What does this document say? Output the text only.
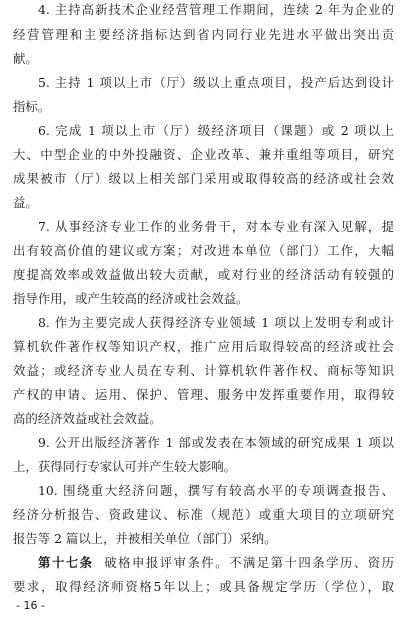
4. 主持高新技术企业经营管理工作期间，连续 2 年为企业的
经营管理和主要经济指标达到省内同行业先进水平做出突出贡
献。
5. 主持 1 项以上市（厅）级以上重点项目，投产后达到设计
指标。
6. 完成 1 项以上市（厅）级经济项目（课题）或 2 项以上
大、中型企业的中外投融资、企业改革、兼并重组等项目，研究
成果被市（厅）级以上相关部门采用或取得较高的经济或社会效
益。
7. 从事经济专业工作的业务骨干，对本专业有深入见解，提
出有较高价值的建议或方案；对改进本单位（部门）工作，大幅
度提高效率或效益做出较大贡献，或对行业的经济活动有较强的
指导作用，或产生较高的经济或社会效益。
8. 作为主要完成人获得经济专业领域 1 项以上发明专利或计
算机软件著作权等知识产权，推广应用后取得较高的经济或社会
效益；或经济专业人员在专利、计算机软件著作权、商标等知识
产权的申请、运用、保护、管理、服务中发挥重要作用，取得较
高的经济效益或社会效益。
9. 公开出版经济著作 1 部或发表在本领域的研究成果 1 项以
上，获得同行专家认可并产生较大影响。
10. 围绕重大经济问题，撰写有较高水平的专项调查报告、
经济分析报告、资政建议、标准（规范）或重大项目的立项研究
报告等 2 篇以上，并被相关单位（部门）采纳。
第十七条 破格申报评审条件。不满足第十四条学历、资历
要求，取得经济师资格5年以上；或具备规定学历（学位），取
- 16 -
